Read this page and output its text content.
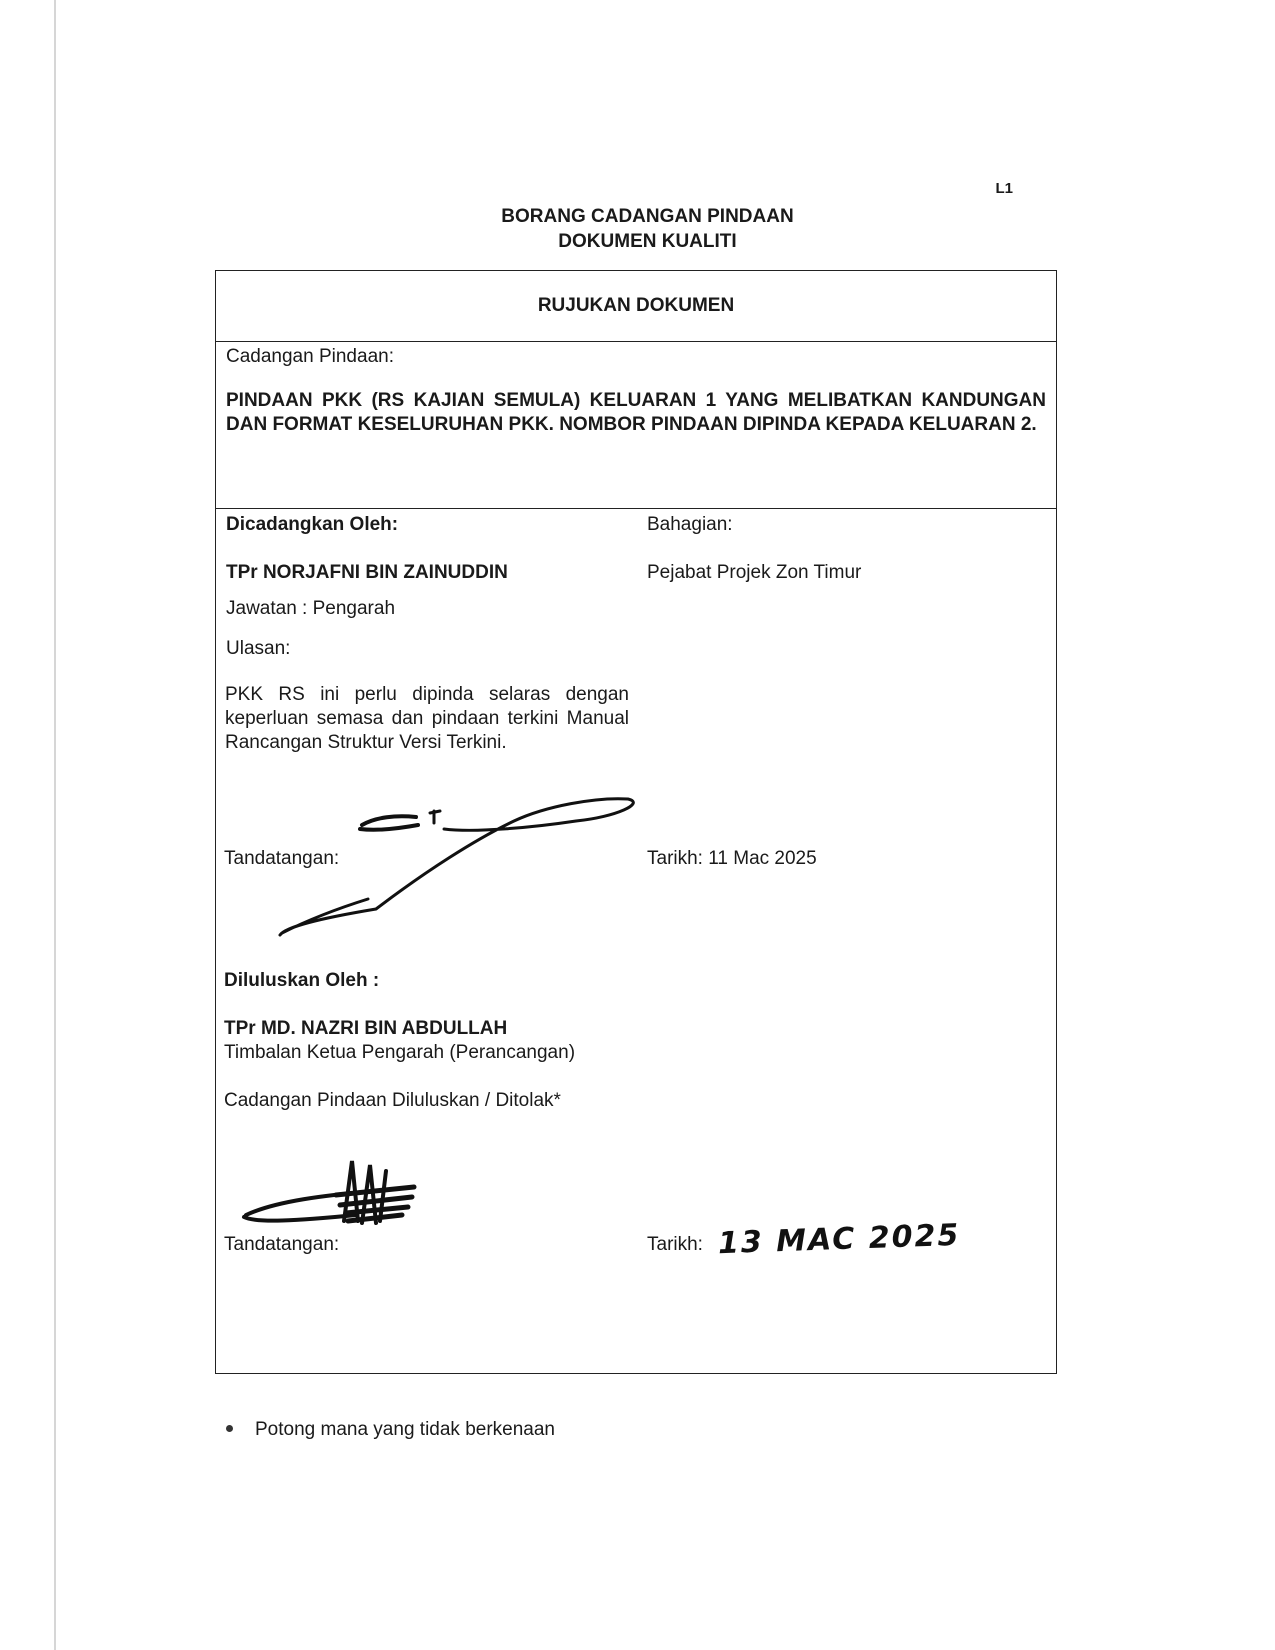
L1
BORANG CADANGAN PINDAAN
DOKUMEN KUALITI
RUJUKAN DOKUMEN
Cadangan Pindaan:
PINDAAN PKK (RS KAJIAN SEMULA) KELUARAN 1 YANG MELIBATKAN KANDUNGAN DAN FORMAT KESELURUHAN PKK. NOMBOR PINDAAN DIPINDA KEPADA KELUARAN 2.
Dicadangkan Oleh:	Bahagian:
TPr NORJAFNI BIN ZAINUDDIN	Pejabat Projek Zon Timur
Jawatan : Pengarah
Ulasan:
PKK RS ini perlu dipinda selaras dengan keperluan semasa dan pindaan terkini Manual Rancangan Struktur Versi Terkini.
Tandatangan:	Tarikh: 11 Mac 2025
Diluluskan Oleh :
TPr MD. NAZRI BIN ABDULLAH
Timbalan Ketua Pengarah (Perancangan)
Cadangan Pindaan Diluluskan / Ditolak*
Tandatangan:	Tarikh: 13 MAC 2025
Potong mana yang tidak berkenaan
